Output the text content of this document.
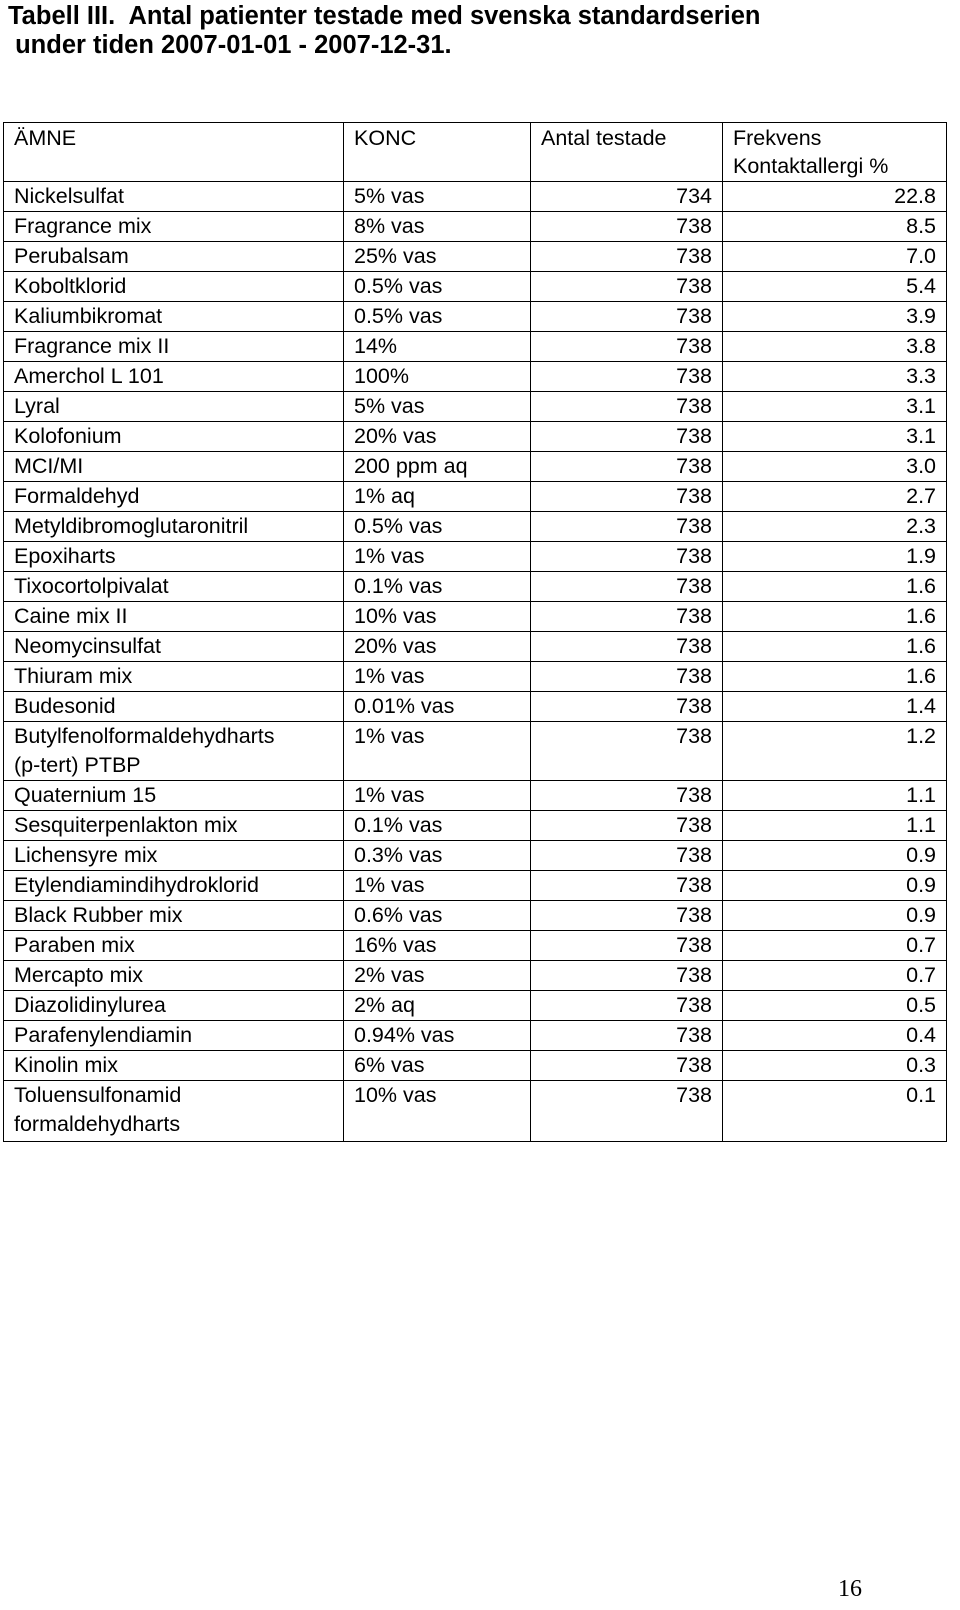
Tabell III.  Antal patienter testade med svenska standardserien
under tiden 2007-01-01 - 2007-12-31.
ÄMNE	KONC	Antal testade	Frekvens
Kontaktallergi %

Nickelsulfat	5% vas	734	22.8

Fragrance mix	8% vas	738	8.5

Perubalsam	25% vas	738	7.0

Koboltklorid	0.5% vas	738	5.4

Kaliumbikromat	0.5% vas	738	3.9

Fragrance mix II	14%	738	3.8

Amerchol L 101	100%	738	3.3

Lyral	5% vas	738	3.1

Kolofonium	20% vas	738	3.1

MCI/MI	200 ppm aq	738	3.0

Formaldehyd	1% aq	738	2.7

Metyldibromoglutaronitril	0.5% vas	738	2.3

Epoxiharts	1% vas	738	1.9

Tixocortolpivalat	0.1% vas	738	1.6

Caine mix II	10% vas	738	1.6

Neomycinsulfat	20% vas	738	1.6

Thiuram mix	1% vas	738	1.6

Budesonid	0.01% vas	738	1.4

Butylfenolformaldehydharts
(p-tert) PTBP	1% vas	738	1.2

Quaternium 15	1% vas	738	1.1

Sesquiterpenlakton mix	0.1% vas	738	1.1

Lichensyre mix	0.3% vas	738	0.9

Etylendiamindihydroklorid	1% vas	738	0.9

Black Rubber mix	0.6% vas	738	0.9

Paraben mix	16% vas	738	0.7

Mercapto mix	2% vas	738	0.7

Diazolidinylurea	2% aq	738	0.5

Parafenylendiamin	0.94% vas	738	0.4

Kinolin mix	6% vas	738	0.3

Toluensulfonamid
formaldehydharts	10% vas	738	0.1
16
